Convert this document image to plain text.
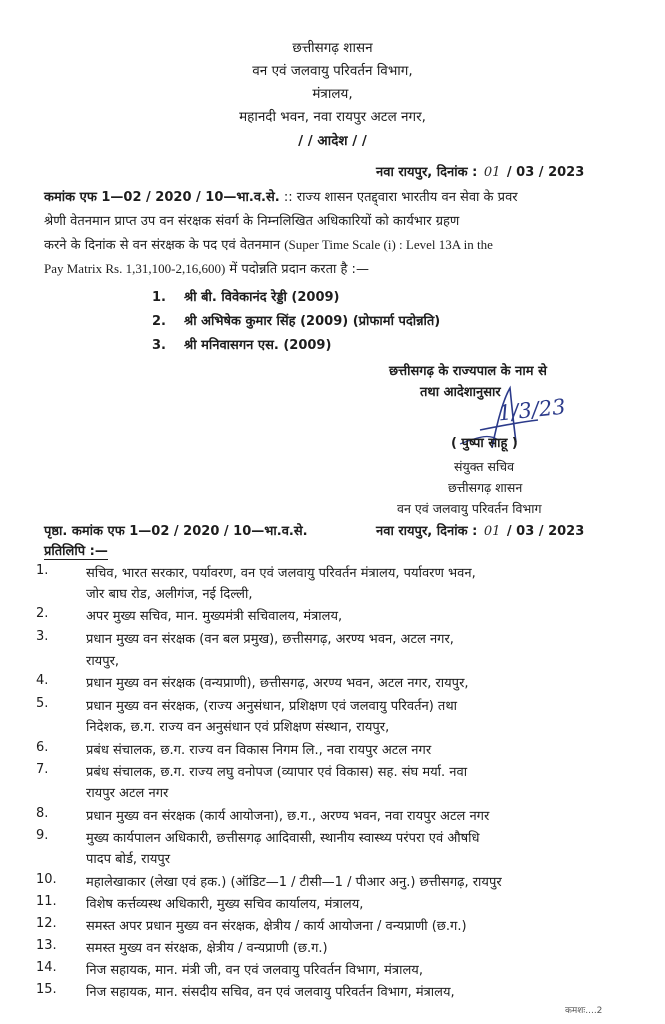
छत्तीसगढ़ शासन
वन एवं जलवायु परिवर्तन विभाग,
मंत्रालय,
महानदी भवन, नवा रायपुर अटल नगर,
/ / आदेश / /
नवा रायपुर, दिनांक : 01 / 03 / 2023
कमांक एफ 1—02 / 2020 / 10—भा.व.से. :: राज्य शासन एतद्द्वारा भारतीय वन सेवा के प्रवर
श्रेणी वेतनमान प्राप्त उप वन संरक्षक संवर्ग के निम्नलिखित अधिकारियों को कार्यभार ग्रहण
करने के दिनांक से वन संरक्षक के पद एवं वेतनमान (Super Time Scale (i) : Level 13A in the
Pay Matrix Rs. 1,31,100-2,16,600) में पदोन्नति प्रदान करता है :—
1. श्री बी. विवेकानंद रेड्डी (2009)
2. श्री अभिषेक कुमार सिंह (2009) (प्रोफार्मा पदोन्नति)
3. श्री मनिवासगन एस. (2009)
छत्तीसगढ़ के राज्यपाल के नाम से
तथा आदेशानुसार
1/3/23
( पुष्पा साहू )
संयुक्त सचिव
छत्तीसगढ़ शासन
वन एवं जलवायु परिवर्तन विभाग
पृष्ठा. कमांक एफ 1—02 / 2020 / 10—भा.व.से.	नवा रायपुर, दिनांक : 01 / 03 / 2023
प्रतिलिपि :—
1.	सचिव, भारत सरकार, पर्यावरण, वन एवं जलवायु परिवर्तन मंत्रालय, पर्यावरण भवन,
जोर बाघ रोड, अलीगंज, नई दिल्ली,
2.	अपर मुख्य सचिव, मान. मुख्यमंत्री सचिवालय, मंत्रालय,
3.	प्रधान मुख्य वन संरक्षक (वन बल प्रमुख), छत्तीसगढ़, अरण्य भवन, अटल नगर,
रायपुर,
4.	प्रधान मुख्य वन संरक्षक (वन्यप्राणी), छत्तीसगढ़, अरण्य भवन, अटल नगर, रायपुर,
5.	प्रधान मुख्य वन संरक्षक, (राज्य अनुसंधान, प्रशिक्षण एवं जलवायु परिवर्तन) तथा
निदेशक, छ.ग. राज्य वन अनुसंधान एवं प्रशिक्षण संस्थान, रायपुर,
6.	प्रबंध संचालक, छ.ग. राज्य वन विकास निगम लि., नवा रायपुर अटल नगर
7.	प्रबंध संचालक, छ.ग. राज्य लघु वनोपज (व्यापार एवं विकास) सह. संघ मर्या. नवा
रायपुर अटल नगर
8.	प्रधान मुख्य वन संरक्षक (कार्य आयोजना), छ.ग., अरण्य भवन, नवा रायपुर अटल नगर
9.	मुख्य कार्यपालन अधिकारी, छत्तीसगढ़ आदिवासी, स्थानीय स्वास्थ्य परंपरा एवं औषधि
पादप बोर्ड, रायपुर
10.	महालेखाकार (लेखा एवं हक.) (ऑडिट—1 / टीसी—1 / पीआर अनु.) छत्तीसगढ़, रायपुर
11.	विशेष कर्त्तव्यस्थ अधिकारी, मुख्य सचिव कार्यालय, मंत्रालय,
12.	समस्त अपर प्रधान मुख्य वन संरक्षक, क्षेत्रीय / कार्य आयोजना / वन्यप्राणी (छ.ग.)
13.	समस्त मुख्य वन संरक्षक, क्षेत्रीय / वन्यप्राणी (छ.ग.)
14.	निज सहायक, मान. मंत्री जी, वन एवं जलवायु परिवर्तन विभाग, मंत्रालय,
15.	निज सहायक, मान. संसदीय सचिव, वन एवं जलवायु परिवर्तन विभाग, मंत्रालय,
कमशः....2
